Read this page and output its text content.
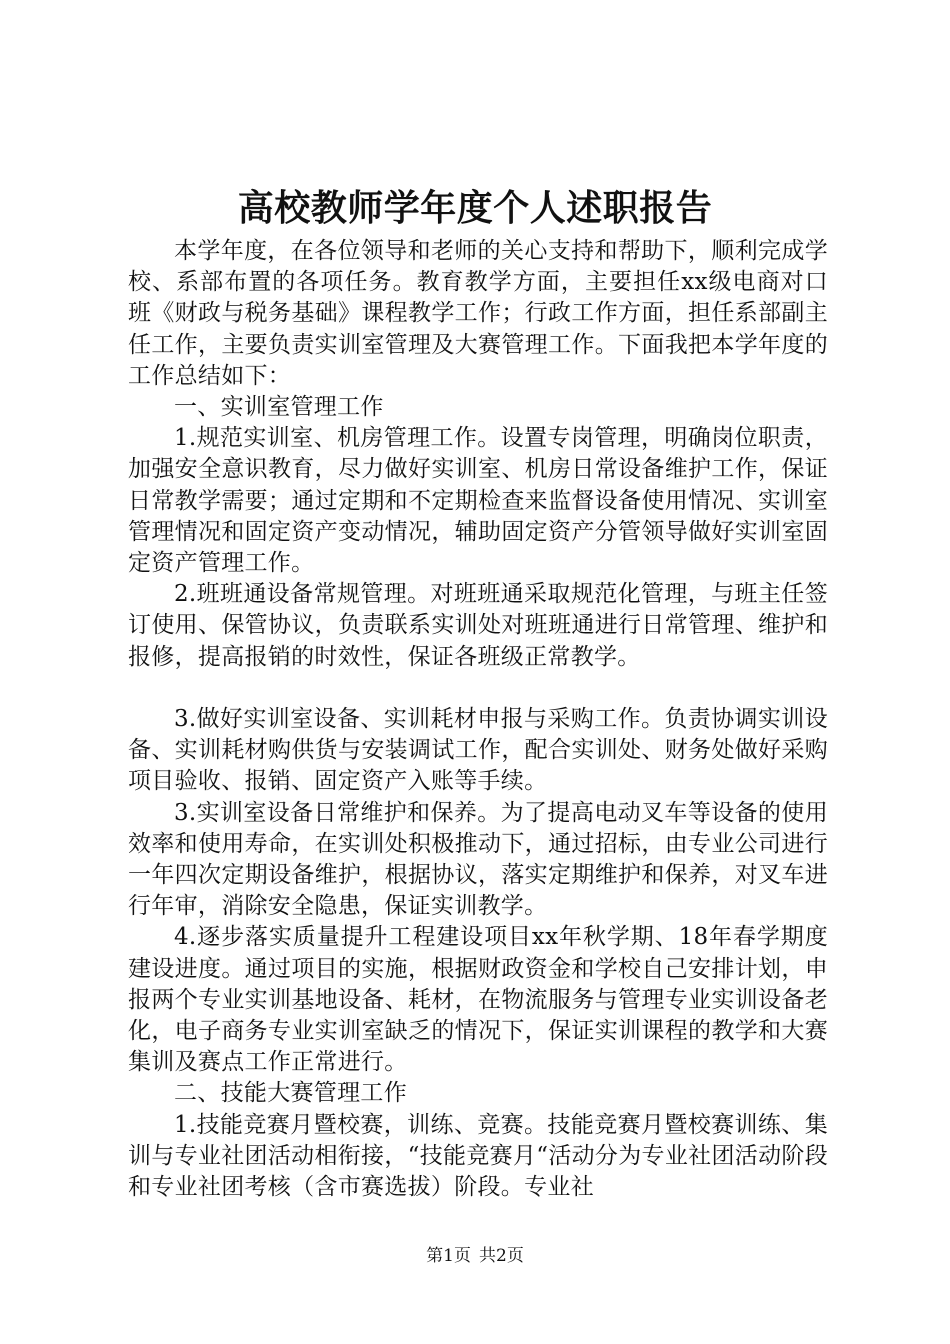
高校教师学年度个人述职报告

本学年度，在各位领导和老师的关心支持和帮助下，顺利完成学校、系部布置的各项任务。教育教学方面，主要担任xx级电商对口班《财政与税务基础》课程教学工作；行政工作方面，担任系部副主任工作，主要负责实训室管理及大赛管理工作。下面我把本学年度的工作总结如下：

一、实训室管理工作

1.规范实训室、机房管理工作。设置专岗管理，明确岗位职责，加强安全意识教育，尽力做好实训室、机房日常设备维护工作，保证日常教学需要；通过定期和不定期检查来监督设备使用情况、实训室管理情况和固定资产变动情况，辅助固定资产分管领导做好实训室固定资产管理工作。

2.班班通设备常规管理。对班班通采取规范化管理，与班主任签订使用、保管协议，负责联系实训处对班班通进行日常管理、维护和报修，提高报销的时效性，保证各班级正常教学。

3.做好实训室设备、实训耗材申报与采购工作。负责协调实训设备、实训耗材购供货与安装调试工作，配合实训处、财务处做好采购项目验收、报销、固定资产入账等手续。

3.实训室设备日常维护和保养。为了提高电动叉车等设备的使用效率和使用寿命，在实训处积极推动下，通过招标，由专业公司进行一年四次定期设备维护，根据协议，落实定期维护和保养，对叉车进行年审，消除安全隐患，保证实训教学。

4.逐步落实质量提升工程建设项目xx年秋学期、18年春学期度建设进度。通过项目的实施，根据财政资金和学校自己安排计划，申报两个专业实训基地设备、耗材，在物流服务与管理专业实训设备老化，电子商务专业实训室缺乏的情况下，保证实训课程的教学和大赛集训及赛点工作正常进行。

二、技能大赛管理工作

1.技能竞赛月暨校赛，训练、竞赛。技能竞赛月暨校赛训练、集训与专业社团活动相衔接，“技能竞赛月“活动分为专业社团活动阶段和专业社团考核（含市赛选拔）阶段。专业社

第1页 共2页
